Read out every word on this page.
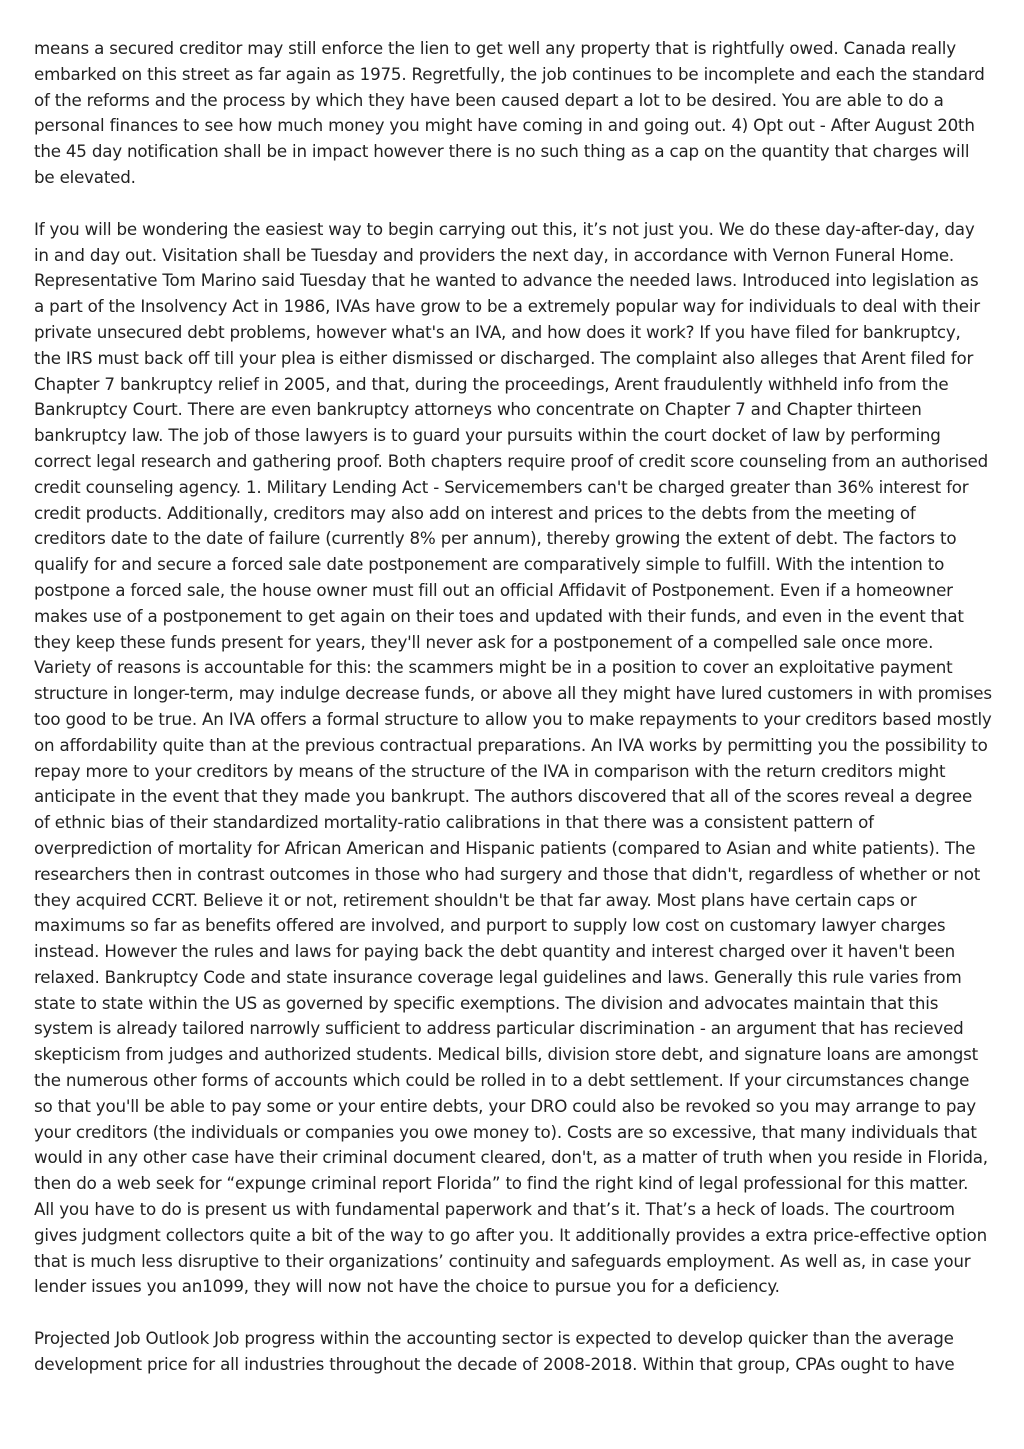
means a secured creditor may still enforce the lien to get well any property that is rightfully owed. Canada really embarked on this street as far again as 1975. Regretfully, the job continues to be incomplete and each the standard of the reforms and the process by which they have been caused depart a lot to be desired. You are able to do a personal finances to see how much money you might have coming in and going out. 4) Opt out - After August 20th the 45 day notification shall be in impact however there is no such thing as a cap on the quantity that charges will be elevated.

If you will be wondering the easiest way to begin carrying out this, it’s not just you. We do these day-after-day, day in and day out. Visitation shall be Tuesday and providers the next day, in accordance with Vernon Funeral Home. Representative Tom Marino said Tuesday that he wanted to advance the needed laws. Introduced into legislation as a part of the Insolvency Act in 1986, IVAs have grow to be a extremely popular way for individuals to deal with their private unsecured debt problems, however what's an IVA, and how does it work? If you have filed for bankruptcy, the IRS must back off till your plea is either dismissed or discharged. The complaint also alleges that Arent filed for Chapter 7 bankruptcy relief in 2005, and that, during the proceedings, Arent fraudulently withheld info from the Bankruptcy Court. There are even bankruptcy attorneys who concentrate on Chapter 7 and Chapter thirteen bankruptcy law. The job of those lawyers is to guard your pursuits within the court docket of law by performing correct legal research and gathering proof. Both chapters require proof of credit score counseling from an authorised credit counseling agency. 1. Military Lending Act - Servicemembers can't be charged greater than 36% interest for credit products. Additionally, creditors may also add on interest and prices to the debts from the meeting of creditors date to the date of failure (currently 8% per annum), thereby growing the extent of debt. The factors to qualify for and secure a forced sale date postponement are comparatively simple to fulfill. With the intention to postpone a forced sale, the house owner must fill out an official Affidavit of Postponement. Even if a homeowner makes use of a postponement to get again on their toes and updated with their funds, and even in the event that they keep these funds present for years, they'll never ask for a postponement of a compelled sale once more. Variety of reasons is accountable for this: the scammers might be in a position to cover an exploitative payment structure in longer-term, may indulge decrease funds, or above all they might have lured customers in with promises too good to be true. An IVA offers a formal structure to allow you to make repayments to your creditors based mostly on affordability quite than at the previous contractual preparations. An IVA works by permitting you the possibility to repay more to your creditors by means of the structure of the IVA in comparison with the return creditors might anticipate in the event that they made you bankrupt. The authors discovered that all of the scores reveal a degree of ethnic bias of their standardized mortality-ratio calibrations in that there was a consistent pattern of overprediction of mortality for African American and Hispanic patients (compared to Asian and white patients). The researchers then in contrast outcomes in those who had surgery and those that didn't, regardless of whether or not they acquired CCRT. Believe it or not, retirement shouldn't be that far away. Most plans have certain caps or maximums so far as benefits offered are involved, and purport to supply low cost on customary lawyer charges instead. However the rules and laws for paying back the debt quantity and interest charged over it haven't been relaxed. Bankruptcy Code and state insurance coverage legal guidelines and laws. Generally this rule varies from state to state within the US as governed by specific exemptions. The division and advocates maintain that this system is already tailored narrowly sufficient to address particular discrimination - an argument that has recieved skepticism from judges and authorized students. Medical bills, division store debt, and signature loans are amongst the numerous other forms of accounts which could be rolled in to a debt settlement. If your circumstances change so that you'll be able to pay some or your entire debts, your DRO could also be revoked so you may arrange to pay your creditors (the individuals or companies you owe money to). Costs are so excessive, that many individuals that would in any other case have their criminal document cleared, don't, as a matter of truth when you reside in Florida, then do a web seek for “expunge criminal report Florida” to find the right kind of legal professional for this matter. All you have to do is present us with fundamental paperwork and that’s it. That’s a heck of loads. The courtroom gives judgment collectors quite a bit of the way to go after you. It additionally provides a extra price-effective option that is much less disruptive to their organizations’ continuity and safeguards employment. As well as, in case your lender issues you an1099, they will now not have the choice to pursue you for a deficiency.

Projected Job Outlook Job progress within the accounting sector is expected to develop quicker than the average development price for all industries throughout the decade of 2008-2018. Within that group, CPAs ought to have
